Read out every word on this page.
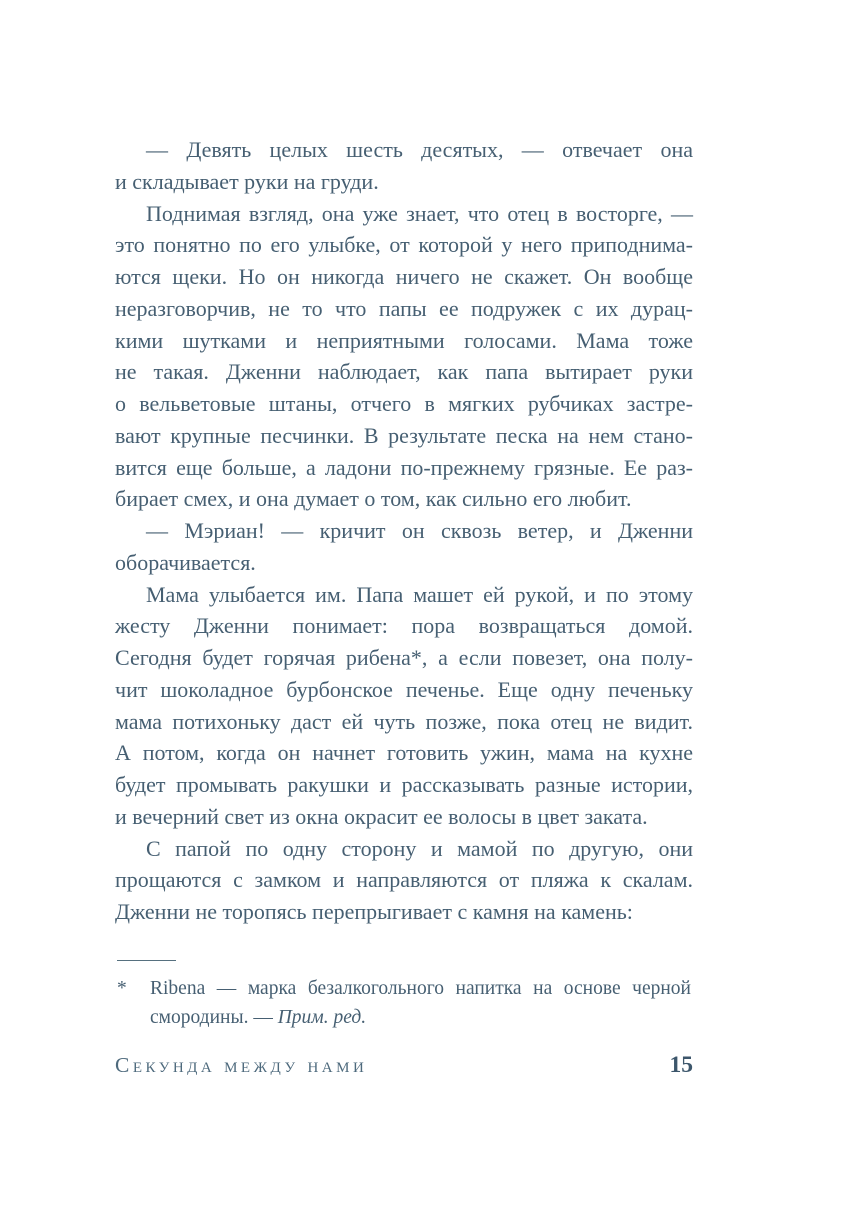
— Девять целых шесть десятых, — отвечает она
и складывает руки на груди.
Поднимая взгляд, она уже знает, что отец в восторге, —
это понятно по его улыбке, от которой у него приподнима-
ются щеки. Но он никогда ничего не скажет. Он вообще
неразговорчив, не то что папы ее подружек с их дурац-
кими шутками и неприятными голосами. Мама тоже
не такая. Дженни наблюдает, как папа вытирает руки
о вельветовые штаны, отчего в мягких рубчиках застре-
вают крупные песчинки. В результате песка на нем стано-
вится еще больше, а ладони по-прежнему грязные. Ее раз-
бирает смех, и она думает о том, как сильно его любит.
— Мэриан! — кричит он сквозь ветер, и Дженни
оборачивается.
Мама улыбается им. Папа машет ей рукой, и по этому
жесту Дженни понимает: пора возвращаться домой.
Сегодня будет горячая рибена*, а если повезет, она полу-
чит шоколадное бурбонское печенье. Еще одну печеньку
мама потихоньку даст ей чуть позже, пока отец не видит.
А потом, когда он начнет готовить ужин, мама на кухне
будет промывать ракушки и рассказывать разные истории,
и вечерний свет из окна окрасит ее волосы в цвет заката.
С папой по одну сторону и мамой по другую, они
прощаются с замком и направляются от пляжа к скалам.
Дженни не торопясь перепрыгивает с камня на камень:
*	Ribena — марка безалкогольного напитка на основе черной
смородины. — Прим. ред.
Секунда между нами	15
